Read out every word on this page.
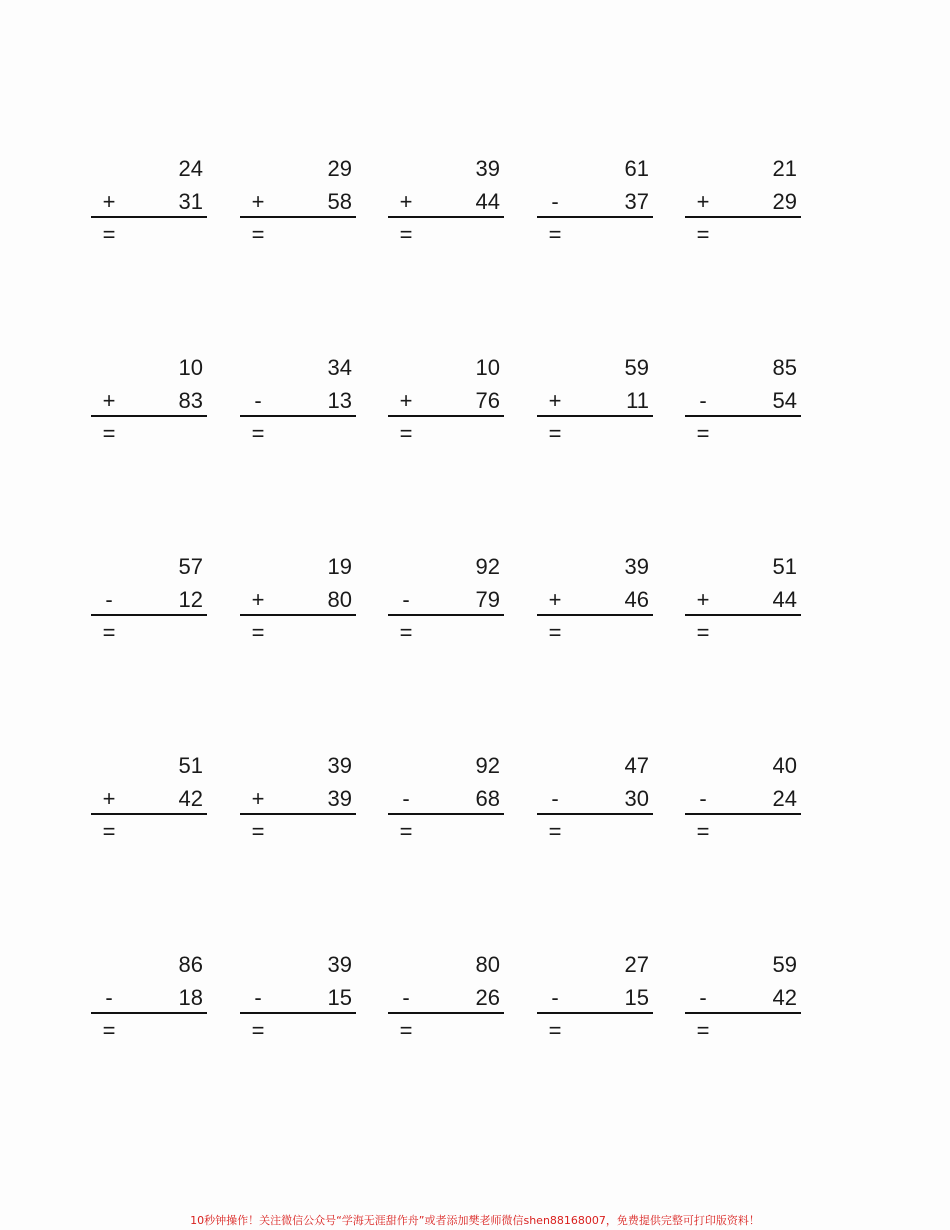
24
+	31
=
29
+	58
=
39
+	44
=
61
-	37
=
21
+	29
=
10
+	83
=
34
-	13
=
10
+	76
=
59
+	11
=
85
-	54
=
57
-	12
=
19
+	80
=
92
-	79
=
39
+	46
=
51
+	44
=
51
+	42
=
39
+	39
=
92
-	68
=
47
-	30
=
40
-	24
=
86
-	18
=
39
-	15
=
80
-	26
=
27
-	15
=
59
-	42
=
10秒钟操作！关注微信公众号“学海无涯甜作舟”或者添加樊老师微信shen88168007，免费提供完整可打印版资料！
